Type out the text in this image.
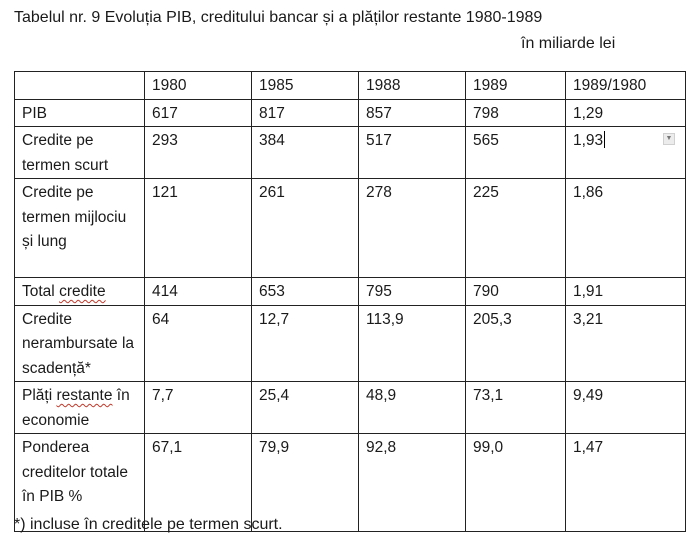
Tabelul nr. 9 Evoluția PIB, creditului bancar și a plăților restante 1980-1989
în miliarde lei
	1980	1985	1988	1989	1989/1980
PIB	617	817	857	798	1,29
Credite pe termen scurt	293	384	517	565	1,93 ▼

Credite pe termen mijlociu și lung	121	261	278	225	1,86
Total credite	414	653	795	790	1,91
Credite nerambursate la scadență*	64	12,7	113,9	205,3	3,21
Plăți restante în economie	7,7	25,4	48,9	73,1	9,49
Ponderea creditelor totale în PIB %	67,1	79,9	92,8	99,0	1,47
*) incluse în creditele pe termen scurt.
